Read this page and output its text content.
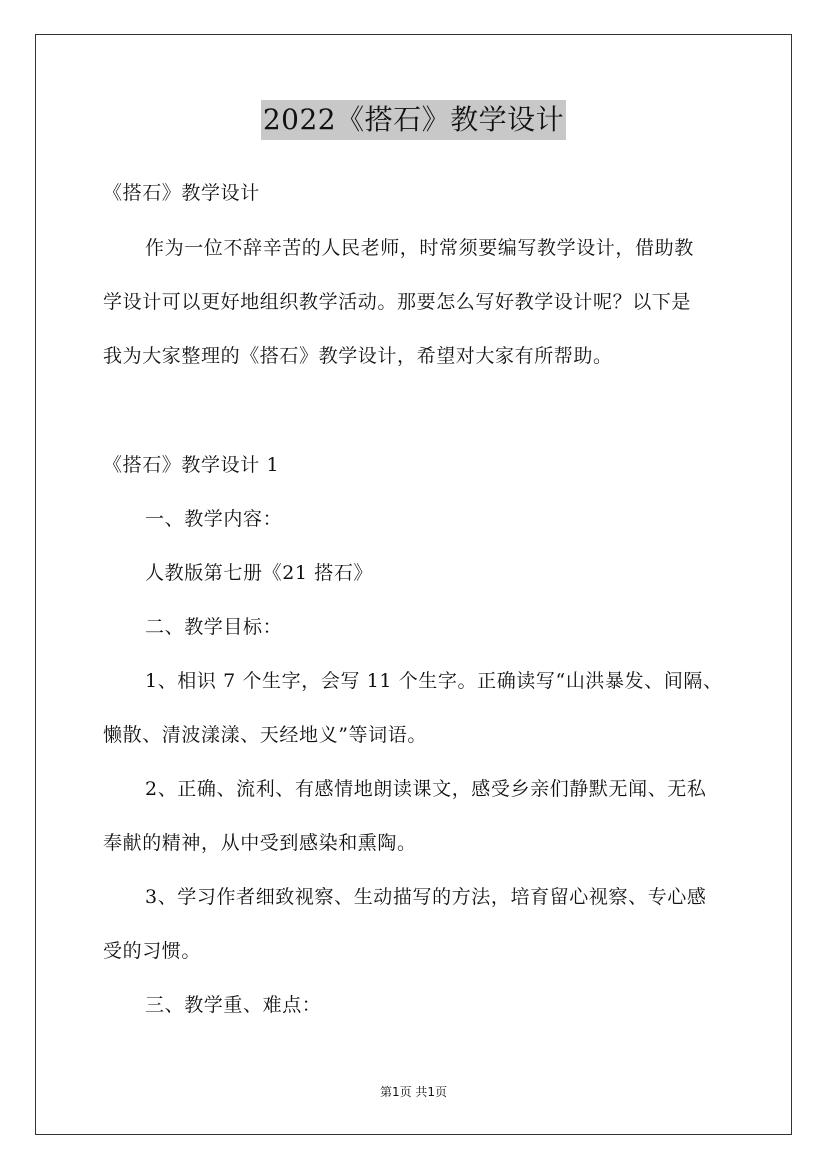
2022《搭石》教学设计
《搭石》教学设计
作为一位不辞辛苦的人民老师，时常须要编写教学设计，借助教
学设计可以更好地组织教学活动。那要怎么写好教学设计呢？以下是
我为大家整理的《搭石》教学设计，希望对大家有所帮助。
《搭石》教学设计 1
一、教学内容：
人教版第七册《21 搭石》
二、教学目标：
1、相识 7 个生字，会写 11 个生字。正确读写“山洪暴发、间隔、
懒散、清波漾漾、天经地义”等词语。
2、正确、流利、有感情地朗读课文，感受乡亲们静默无闻、无私
奉献的精神，从中受到感染和熏陶。
3、学习作者细致视察、生动描写的方法，培育留心视察、专心感
受的习惯。
三、教学重、难点：
第1页 共1页
